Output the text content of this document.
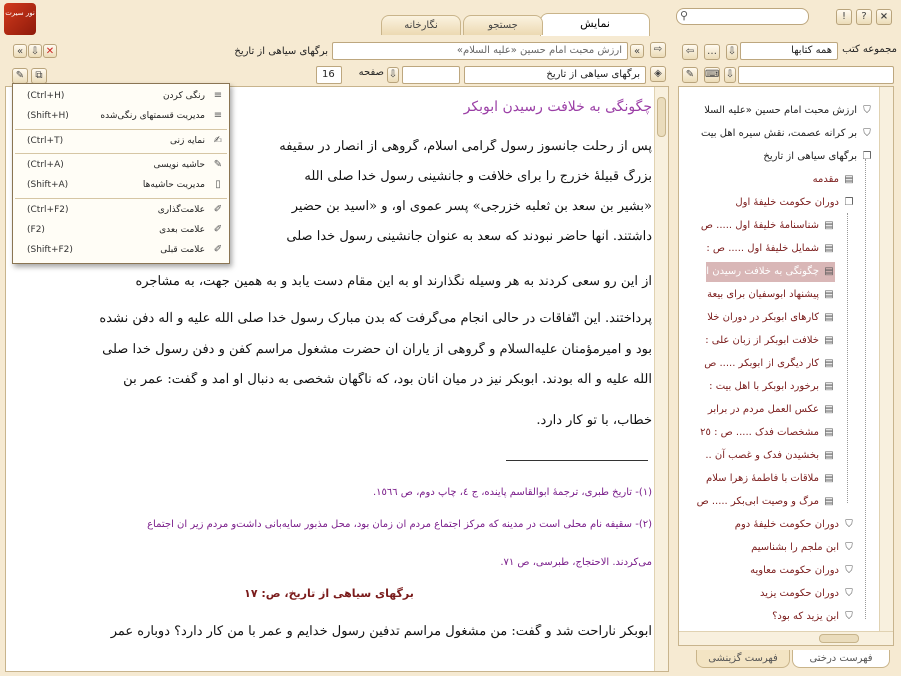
نور سیرت
نمایش
جستجو
نگارخانه
×
?
!
⚲
« ⇩ ✕	برگهای سیاهی از تاریخ	ارزش محبت امام حسین «علیه السلام»	«	⇨
✎	⧉	16	صفحه ⇩	برگهای سیاهی از تاریخ	◈
⇦	…	⇩	همه کتابها	مجموعه کتب
✎	⌨ ⇩
چگونگی به خلافت رسیدن ابوبکر
پس از رحلت جانسوز رسول گرامی اسلام، گروهی از انصار در سقیفه
بزرگ قبیلهٔ خزرج را برای خلافت و جانشینی رسول خدا صلی اللّه
«بشیر بن سعد بن ثعلبه خزرجی» پسر عموی او، و «اسید بن حضیر
داشتند. آنها حاضر نبودند که سعد به عنوان جانشینی رسول خدا صلی
از این رو سعی کردند به هر وسیله نگذارند او به این مقام دست یابد و به همین جهت، به مشاجره
پرداختند. این اتّفاقات در حالی انجام می‌گرفت که بدن مبارک رسول خدا صلی اللّه علیه و آله دفن نشده
بود و امیرمؤمنان علیه‌السلام و گروهی از یاران آن حضرت مشغول مراسم کفن و دفن رسول خدا صلی
اللّه علیه و آله بودند. ابوبکر نیز در میان آنان بود، که ناگهان شخصی به دنبال او آمد و گفت: عمر بن
خطاب، با تو کار دارد.
(۱)- تاریخ طبری، ترجمهٔ ابوالقاسم پاینده، ج ٤، چاپ دوم، ص ١٥٦٦.
(۲)- سقیفه نام محلّی است در مدینه که مرکز اجتماع مردم آن زمان بود، محل مذبور سایه‌بانی داشت‌و مردم زیر آن اجتماع
می‌کردند. الاحتجاج، طبرسی، ص ٧١.
برگهای سیاهی از تاریخ، ص: ۱۷
ابوبکر ناراحت شد و گفت: من مشغول مراسم تدفین رسول خدایم و عمر با من کار دارد؟ دوباره عمر
(Ctrl+H)	رنگی کردن ≡
(Shift+H)	مدیریت قسمتهای رنگی‌شده ≡
(Ctrl+T)	نمایه زنی ✍
(Ctrl+A)	حاشیه نویسی ✎
(Shift+A)	مدیریت حاشیه‌ها	▯
(Ctrl+F2)	علامت‌گذاری ✐
(F2)	علامت بعدی ✐
(Shift+F2)	علامت قبلی ✐
⛉ارزش محبت امام حسین «علیه السلا
⛉بر کرانه عصمت، نقش سیره اهل بیت
❐برگهای سیاهی از تاریخ
▤مقدمه
❐دوران حکومت خلیفهٔ اول
▤شناسنامهٔ خلیفهٔ اول ..... ص
▤شمایل خلیفهٔ اول ..... ص :
▤چگونگی به خلافت رسیدن ا
▤پیشنهاد ابوسفیان برای بیعة
▤کارهای ابوبکر در دوران خلا
▤خلافت ابوبکر از زبان علی :
▤کار دیگری از ابوبکر ..... ص
▤برخورد ابوبکر با اهل بیت :
▤عکس العمل مردم در برابر
▤مشخصات فدک ..... ص : ٢٥
▤بخشیدن فدک و غصب آن ..
▤ملاقات با فاطمهٔ زهرا سلام
▤مرگ و وصیت ابی‌بکر ..... ص
⛉دوران حکومت خلیفهٔ دوم
⛉ابن ملجم را بشناسیم
⛉دوران حکومت معاویه
⛉دوران حکومت یزید
⛉ابن یزید که بود؟
فهرست درختی
فهرست گزینشی
